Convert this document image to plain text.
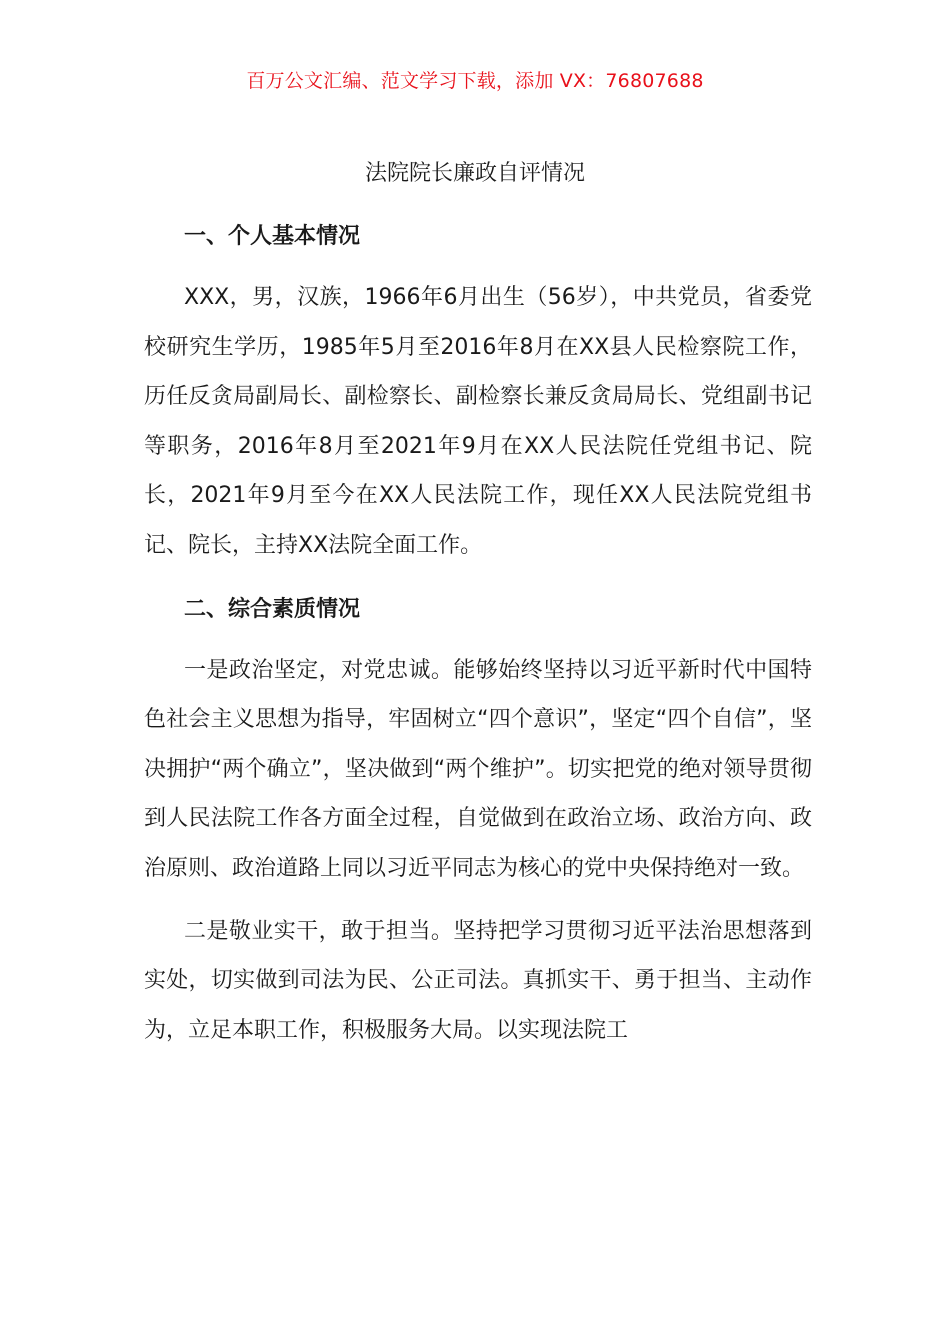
百万公文汇编、范文学习下载，添加 VX：76807688
法院院长廉政自评情况
一、个人基本情况

XXX，男，汉族，1966年6月出生（56岁），中共党员，省委党校研究生学历，1985年5月至2016年8月在XX县人民检察院工作，历任反贪局副局长、副检察长、副检察长兼反贪局局长、党组副书记等职务，2016年8月至2021年9月在XX人民法院任党组书记、院长，2021年9月至今在XX人民法院工作，现任XX人民法院党组书记、院长，主持XX法院全面工作。

二、综合素质情况

一是政治坚定，对党忠诚。能够始终坚持以习近平新时代中国特色社会主义思想为指导，牢固树立“四个意识”，坚定“四个自信”，坚决拥护“两个确立”，坚决做到“两个维护”。切实把党的绝对领导贯彻到人民法院工作各方面全过程，自觉做到在政治立场、政治方向、政治原则、政治道路上同以习近平同志为核心的党中央保持绝对一致。

二是敬业实干，敢于担当。坚持把学习贯彻习近平法治思想落到实处，切实做到司法为民、公正司法。真抓实干、勇于担当、主动作为，立足本职工作，积极服务大局。以实现法院工
